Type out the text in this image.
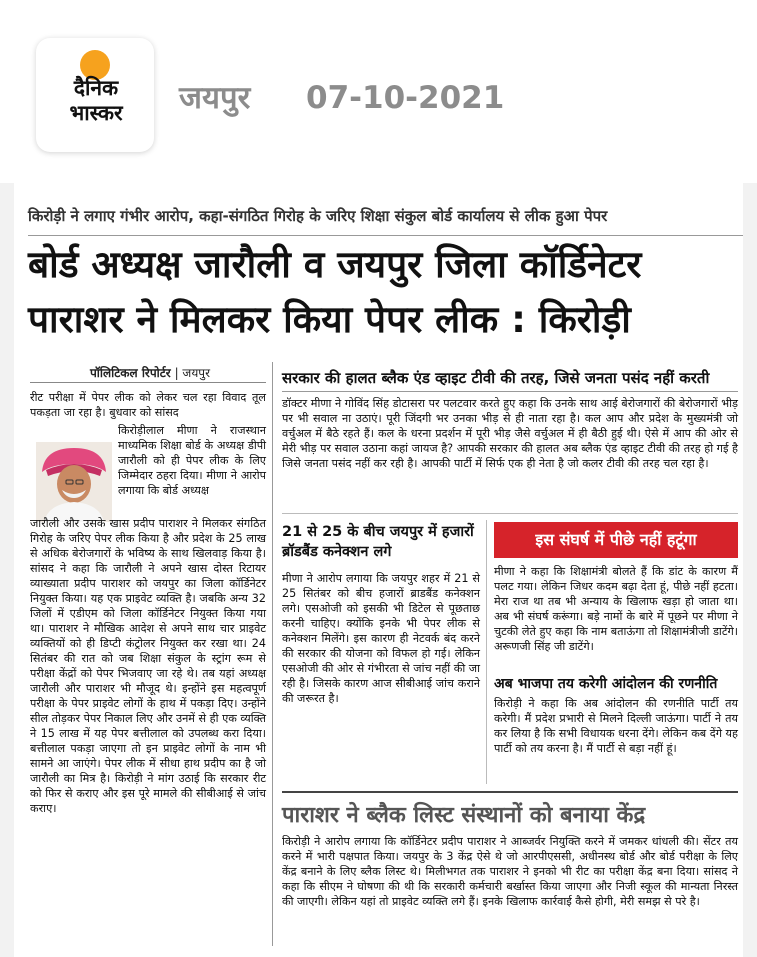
दैनिक
भास्कर	जयपुर 07-10-2021
किरोड़ी ने लगाए गंभीर आरोप, कहा-संगठित गिरोह के जरिए शिक्षा संकुल बोर्ड कार्यालय से लीक हुआ पेपर
बोर्ड अध्यक्ष जारौली व जयपुर जिला कॉर्डिनेटर
पाराशर ने मिलकर किया पेपर लीक : किरोड़ी
पॉलिटिकल रिपोर्टर | जयपुर
रीट परीक्षा में पेपर लीक को लेकर चल रहा विवाद तूल पकड़ता जा रहा है। बुधवार को सांसद
किरोड़ीलाल मीणा ने राजस्थान माध्यमिक शिक्षा बोर्ड के अध्यक्ष डीपी जारौली को ही पेपर लीक के लिए जिम्मेदार ठहरा दिया। मीणा ने आरोप लगाया कि बोर्ड अध्यक्ष
जारौली और उसके खास प्रदीप पाराशर ने मिलकर संगठित गिरोह के जरिए पेपर लीक किया है और प्रदेश के 25 लाख से अधिक बेरोजगारों के भविष्य के साथ खिलवाड़ किया है। सांसद ने कहा कि जारौली ने अपने खास दोस्त रिटायर व्याख्याता प्रदीप पाराशर को जयपुर का जिला कॉर्डिनेटर नियुक्त किया। यह एक प्राइवेट व्यक्ति है। जबकि अन्य 32 जिलों में एडीएम को जिला कॉर्डिनेटर नियुक्त किया गया था। पाराशर ने मौखिक आदेश से अपने साथ चार प्राइवेट व्यक्तियों को ही डिप्टी कंट्रोलर नियुक्त कर रखा था। 24 सितंबर की रात को जब शिक्षा संकुल के स्ट्रांग रूम से परीक्षा केंद्रों को पेपर भिजवाए जा रहे थे। तब यहां अध्यक्ष जारौली और पाराशर भी मौजूद थे। इन्होंने इस महत्वपूर्ण परीक्षा के पेपर प्राइवेट लोगों के हाथ में पकड़ा दिए। उन्होंने सील तोड़कर पेपर निकाल लिए और उनमें से ही एक व्यक्ति ने 15 लाख में यह पेपर बत्तीलाल को उपलब्ध करा दिया। बत्तीलाल पकड़ा जाएगा तो इन प्राइवेट लोगों के नाम भी सामने आ जाएंगे। पेपर लीक में सीधा हाथ प्रदीप का है जो जारौली का मित्र है। किरोड़ी ने मांग उठाई कि सरकार रीट को फिर से कराए और इस पूरे मामले की सीबीआई से जांच कराए।
सरकार की हालत ब्लैक एंड व्हाइट टीवी की तरह, जिसे जनता पसंद नहीं करती
डॉक्टर मीणा ने गोविंद सिंह डोटासरा पर पलटवार करते हुए कहा कि उनके साथ आई बेरोजगारों की बेरोजगारों भीड़ पर भी सवाल ना उठाएं। पूरी जिंदगी भर उनका भीड़ से ही नाता रहा है। कल आप और प्रदेश के मुख्यमंत्री जो वर्चुअल में बैठे रहते हैं। कल के धरना प्रदर्शन में पूरी भीड़ जैसे वर्चुअल में ही बैठी हुई थी। ऐसे में आप की ओर से मेरी भीड़ पर सवाल उठाना कहां जायज है? आपकी सरकार की हालत अब ब्लैक एंड व्हाइट टीवी की तरह हो गई है जिसे जनता पसंद नहीं कर रही है। आपकी पार्टी में सिर्फ एक ही नेता है जो कलर टीवी की तरह चल रहा है।
21 से 25 के बीच जयपुर में हजारों ब्रॉडबैंड कनेक्शन लगे
मीणा ने आरोप लगाया कि जयपुर शहर में 21 से 25 सितंबर को बीच हजारों ब्राडबैंड कनेक्शन लगे। एसओजी को इसकी भी डिटेल से पूछताछ करनी चाहिए। क्योंकि इनके भी पेपर लीक से कनेक्शन मिलेंगे। इस कारण ही नेटवर्क बंद करने की सरकार की योजना को विफल हो गई। लेकिन एसओजी की ओर से गंभीरता से जांच नहीं की जा रही है। जिसके कारण आज सीबीआई जांच कराने की जरूरत है।
इस संघर्ष में पीछे नहीं हटूंगा
मीणा ने कहा कि शिक्षामंत्री बोलते हैं कि डांट के कारण मैं पलट गया। लेकिन जिधर कदम बढ़ा देता हूं, पीछे नहीं हटता। मेरा राज था तब भी अन्याय के खिलाफ खड़ा हो जाता था। अब भी संघर्ष करूंगा। बड़े नामों के बारे में पूछने पर मीणा ने चुटकी लेते हुए कहा कि नाम बताऊंगा तो शिक्षामंत्रीजी डाटेंगे। अरूणजी सिंह जी डाटेंगे।
अब भाजपा तय करेगी आंदोलन की रणनीति
किरोड़ी ने कहा कि अब आंदोलन की रणनीति पार्टी तय करेगी। मैं प्रदेश प्रभारी से मिलने दिल्ली जाऊंगा। पार्टी ने तय कर लिया है कि सभी विधायक धरना देंगे। लेकिन कब देंगे यह पार्टी को तय करना है। मैं पार्टी से बड़ा नहीं हूं।
पाराशर ने ब्लैक लिस्ट संस्थानों को बनाया केंद्र
किरोड़ी ने आरोप लगाया कि कॉर्डिनेटर प्रदीप पाराशर ने आब्जर्वर नियुक्ति करने में जमकर धांधली की। सेंटर तय करने में भारी पक्षपात किया। जयपुर के 3 केंद्र ऐसे थे जो आरपीएससी, अधीनस्थ बोर्ड और बोर्ड परीक्षा के लिए केंद्र बनाने के लिए ब्लैक लिस्ट थे। मिलीभगत तक पाराशर ने इनको भी रीट का परीक्षा केंद्र बना दिया। सांसद ने कहा कि सीएम ने घोषणा की थी कि सरकारी कर्मचारी बर्खास्त किया जाएगा और निजी स्कूल की मान्यता निरस्त की जाएगी। लेकिन यहां तो प्राइवेट व्यक्ति लगे हैं। इनके खिलाफ कार्रवाई कैसे होगी, मेरी समझ से परे है।
